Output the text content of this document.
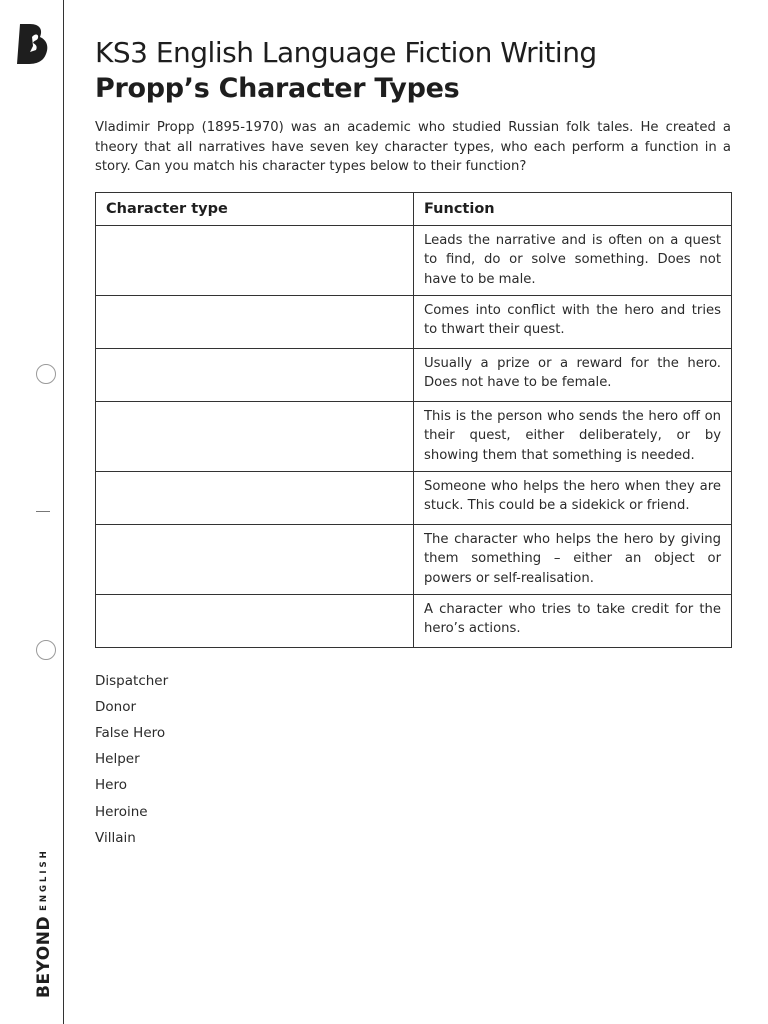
BEYOND
ENGLISH
KS3 English Language Fiction Writing
Propp’s Character Types

Vladimir Propp (1895-1970) was an academic who studied Russian folk tales. He created a theory that all narratives have seven key character types, who each perform a function in a story. Can you match his character types below to their function?

Character type	Function
	Leads the narrative and is often on a quest to find, do or solve something. Does not have to be male.
	Comes into conflict with the hero and tries to thwart their quest.
	Usually a prize or a reward for the hero. Does not have to be female.
	This is the person who sends the hero off on their quest, either deliberately, or by showing them that something is needed.
	Someone who helps the hero when they are stuck. This could be a sidekick or friend.
	The character who helps the hero by giving them something – either an object or powers or self-realisation.
	A character who tries to take credit for the hero’s actions.
Dispatcher
Donor
False Hero
Helper
Hero
Heroine
Villain
